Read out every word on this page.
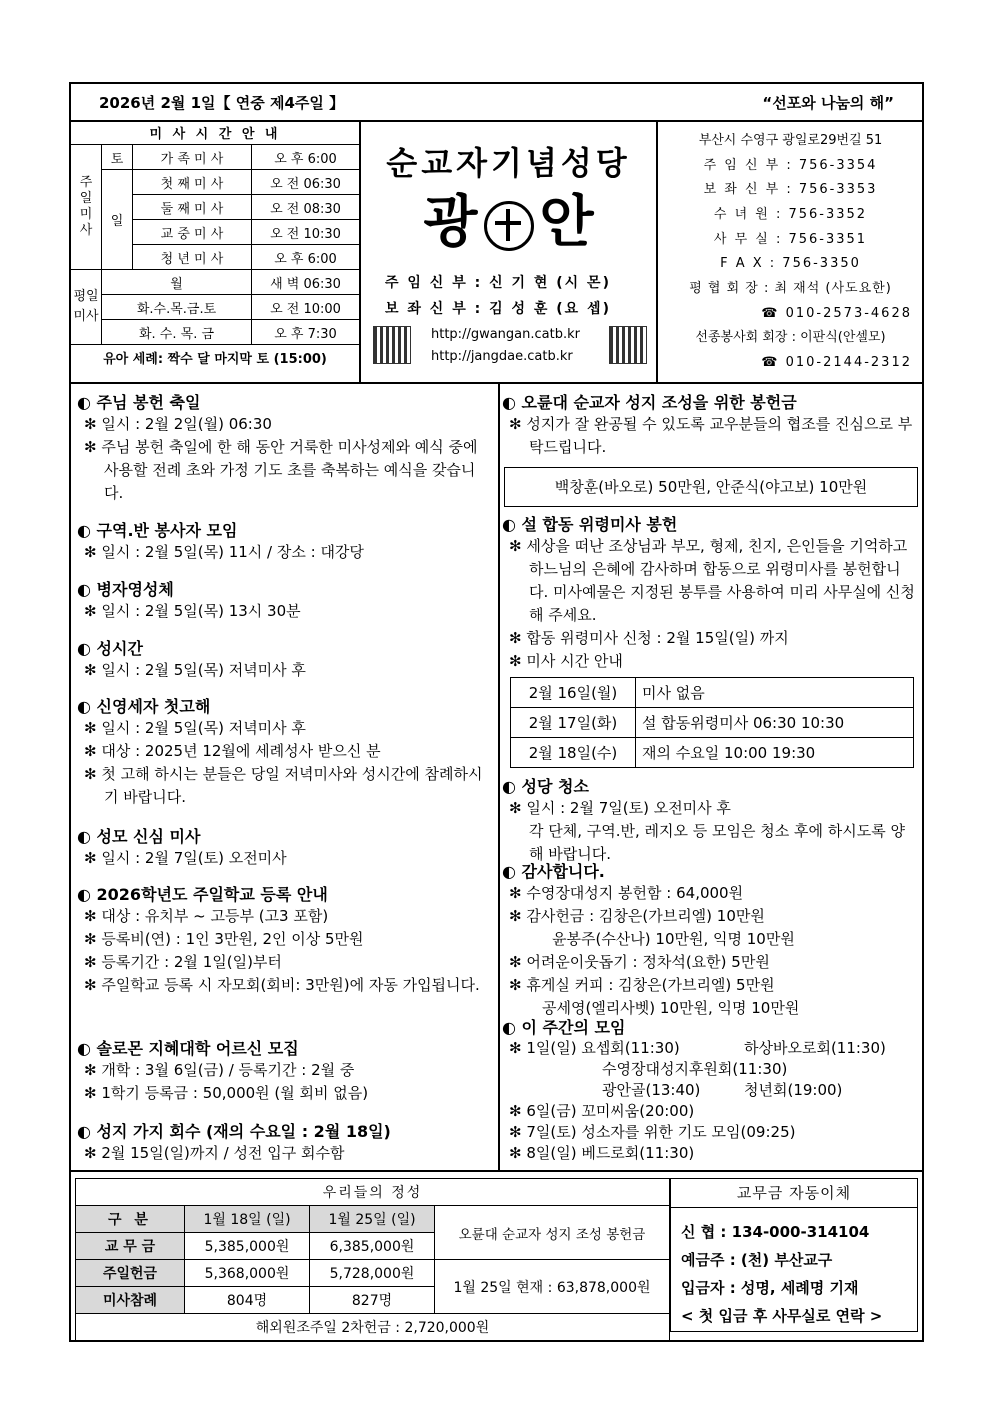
2026년 2월 1일【 연중 제4주일 】	“선포와 나눔의 해”
미 사 시 간 안 내			

주일미사	토	가 족 미 사	오 후 6:00
	일	첫 째 미 사	오 전 06:30
		둘 째 미 사	오 전 08:30
		교 중 미 사	오 전 10:30
		청 년 미 사	오 후 6:00

평일미사	월		새 벽 06:30
	화.수.목.금.토		오 전 10:00
	화. 수. 목. 금		오 후 7:30
유아 세례: 짝수 달 마지막 토 (15:00)			
순교자기념성당
광 안
주 임 신 부 : 신 기 현 (시 몬)
보 좌 신 부 : 김 성 훈 (요 셉)
http://gwangan.catb.kr
http://jangdae.catb.kr
부산시 수영구 광일로29번길 51
주 임 신 부 : 756-3354
보 좌 신 부 : 756-3353
수 녀 원 : 756-3352
사 무 실 : 756-3351
F A X : 756-3350
평 협 회 장 : 최 재석 (사도요한)
☎ 010-2573-4628
선종봉사회 회장 : 이판식(안셀모)
☎ 010-2144-2312
◐ 주님 봉헌 축일
✻ 일시 : 2월 2일(월) 06:30
✻ 주님 봉헌 축일에 한 해 동안 거룩한 미사성제와 예식 중에 사용할 전례 초와 가정 기도 초를 축복하는 예식을 갖습니다.
◐ 구역.반 봉사자 모임
✻ 일시 : 2월 5일(목) 11시 / 장소 : 대강당
◐ 병자영성체
✻ 일시 : 2월 5일(목) 13시 30분
◐ 성시간
✻ 일시 : 2월 5일(목) 저녁미사 후
◐ 신영세자 첫고해
✻ 일시 : 2월 5일(목) 저녁미사 후
✻ 대상 : 2025년 12월에 세례성사 받으신 분
✻ 첫 고해 하시는 분들은 당일 저녁미사와 성시간에 참례하시기 바랍니다.
◐ 성모 신심 미사
✻ 일시 : 2월 7일(토) 오전미사
◐ 2026학년도 주일학교 등록 안내
✻ 대상 : 유치부 ~ 고등부 (고3 포함)
✻ 등록비(연) : 1인 3만원, 2인 이상 5만원
✻ 등록기간 : 2월 1일(일)부터
✻ 주일학교 등록 시 자모회(회비: 3만원)에 자동 가입됩니다.
◐ 솔로몬 지혜대학 어르신 모집
✻ 개학 : 3월 6일(금) / 등록기간 : 2월 중
✻ 1학기 등록금 : 50,000원 (월 회비 없음)
◐ 성지 가지 회수 (재의 수요일 : 2월 18일)
✻ 2월 15일(일)까지 / 성전 입구 회수함
◐ 오륜대 순교자 성지 조성을 위한 봉헌금
✻ 성지가 잘 완공될 수 있도록 교우분들의 협조를 진심으로 부탁드립니다.
백창훈(바오로) 50만원, 안준식(야고보) 10만원
◐ 설 합동 위령미사 봉헌
✻ 세상을 떠난 조상님과 부모, 형제, 친지, 은인들을 기억하고 하느님의 은혜에 감사하며 합동으로 위령미사를 봉헌합니다. 미사예물은 지정된 봉투를 사용하여 미리 사무실에 신청해 주세요.
✻ 합동 위령미사 신청 : 2월 15일(일) 까지
✻ 미사 시간 안내
2월 16일(월)	미사 없음
2월 17일(화)	설 합동위령미사 06:30 10:30
2월 18일(수)	재의 수요일 10:00 19:30
◐ 성당 청소
✻ 일시 : 2월 7일(토) 오전미사 후
각 단체, 구역.반, 레지오 등 모임은 청소 후에 하시도록 양해 바랍니다.
◐ 감사합니다.
✻ 수영장대성지 봉헌함 : 64,000원
✻ 감사헌금 : 김창은(가브리엘) 10만원
윤봉주(수산나) 10만원, 익명 10만원
✻ 어려운이웃돕기 : 정차석(요한) 5만원
✻ 휴게실 커피 : 김창은(가브리엘) 5만원
공세영(엘리사벳) 10만원, 익명 10만원
◐ 이 주간의 모임
✻ 1일(일) 요셉회(11:30)	하상바오로회(11:30)
수영장대성지후원회(11:30)
광안골(13:40)	청년회(19:00)
✻ 6일(금) 꼬미씨움(20:00)
✻ 7일(토) 성소자를 위한 기도 모임(09:25)
✻ 8일(일) 베드로회(11:30)
우리들의 정성			
구 분	1월 18일 (일)	1월 25일 (일)	오륜대 순교자 성지 조성 봉헌금
교 무 금	5,385,000원	6,385,000원	
주일헌금	5,368,000원	5,728,000원	1월 25일 현재 : 63,878,000원
미사참례	804명	827명	
해외원조주일 2차헌금 : 2,720,000원			
교무금 자동이체
신 협 : 134-000-314104
예금주 : (천) 부산교구
입금자 : 성명, 세례명 기재
< 첫 입금 후 사무실로 연락 >
